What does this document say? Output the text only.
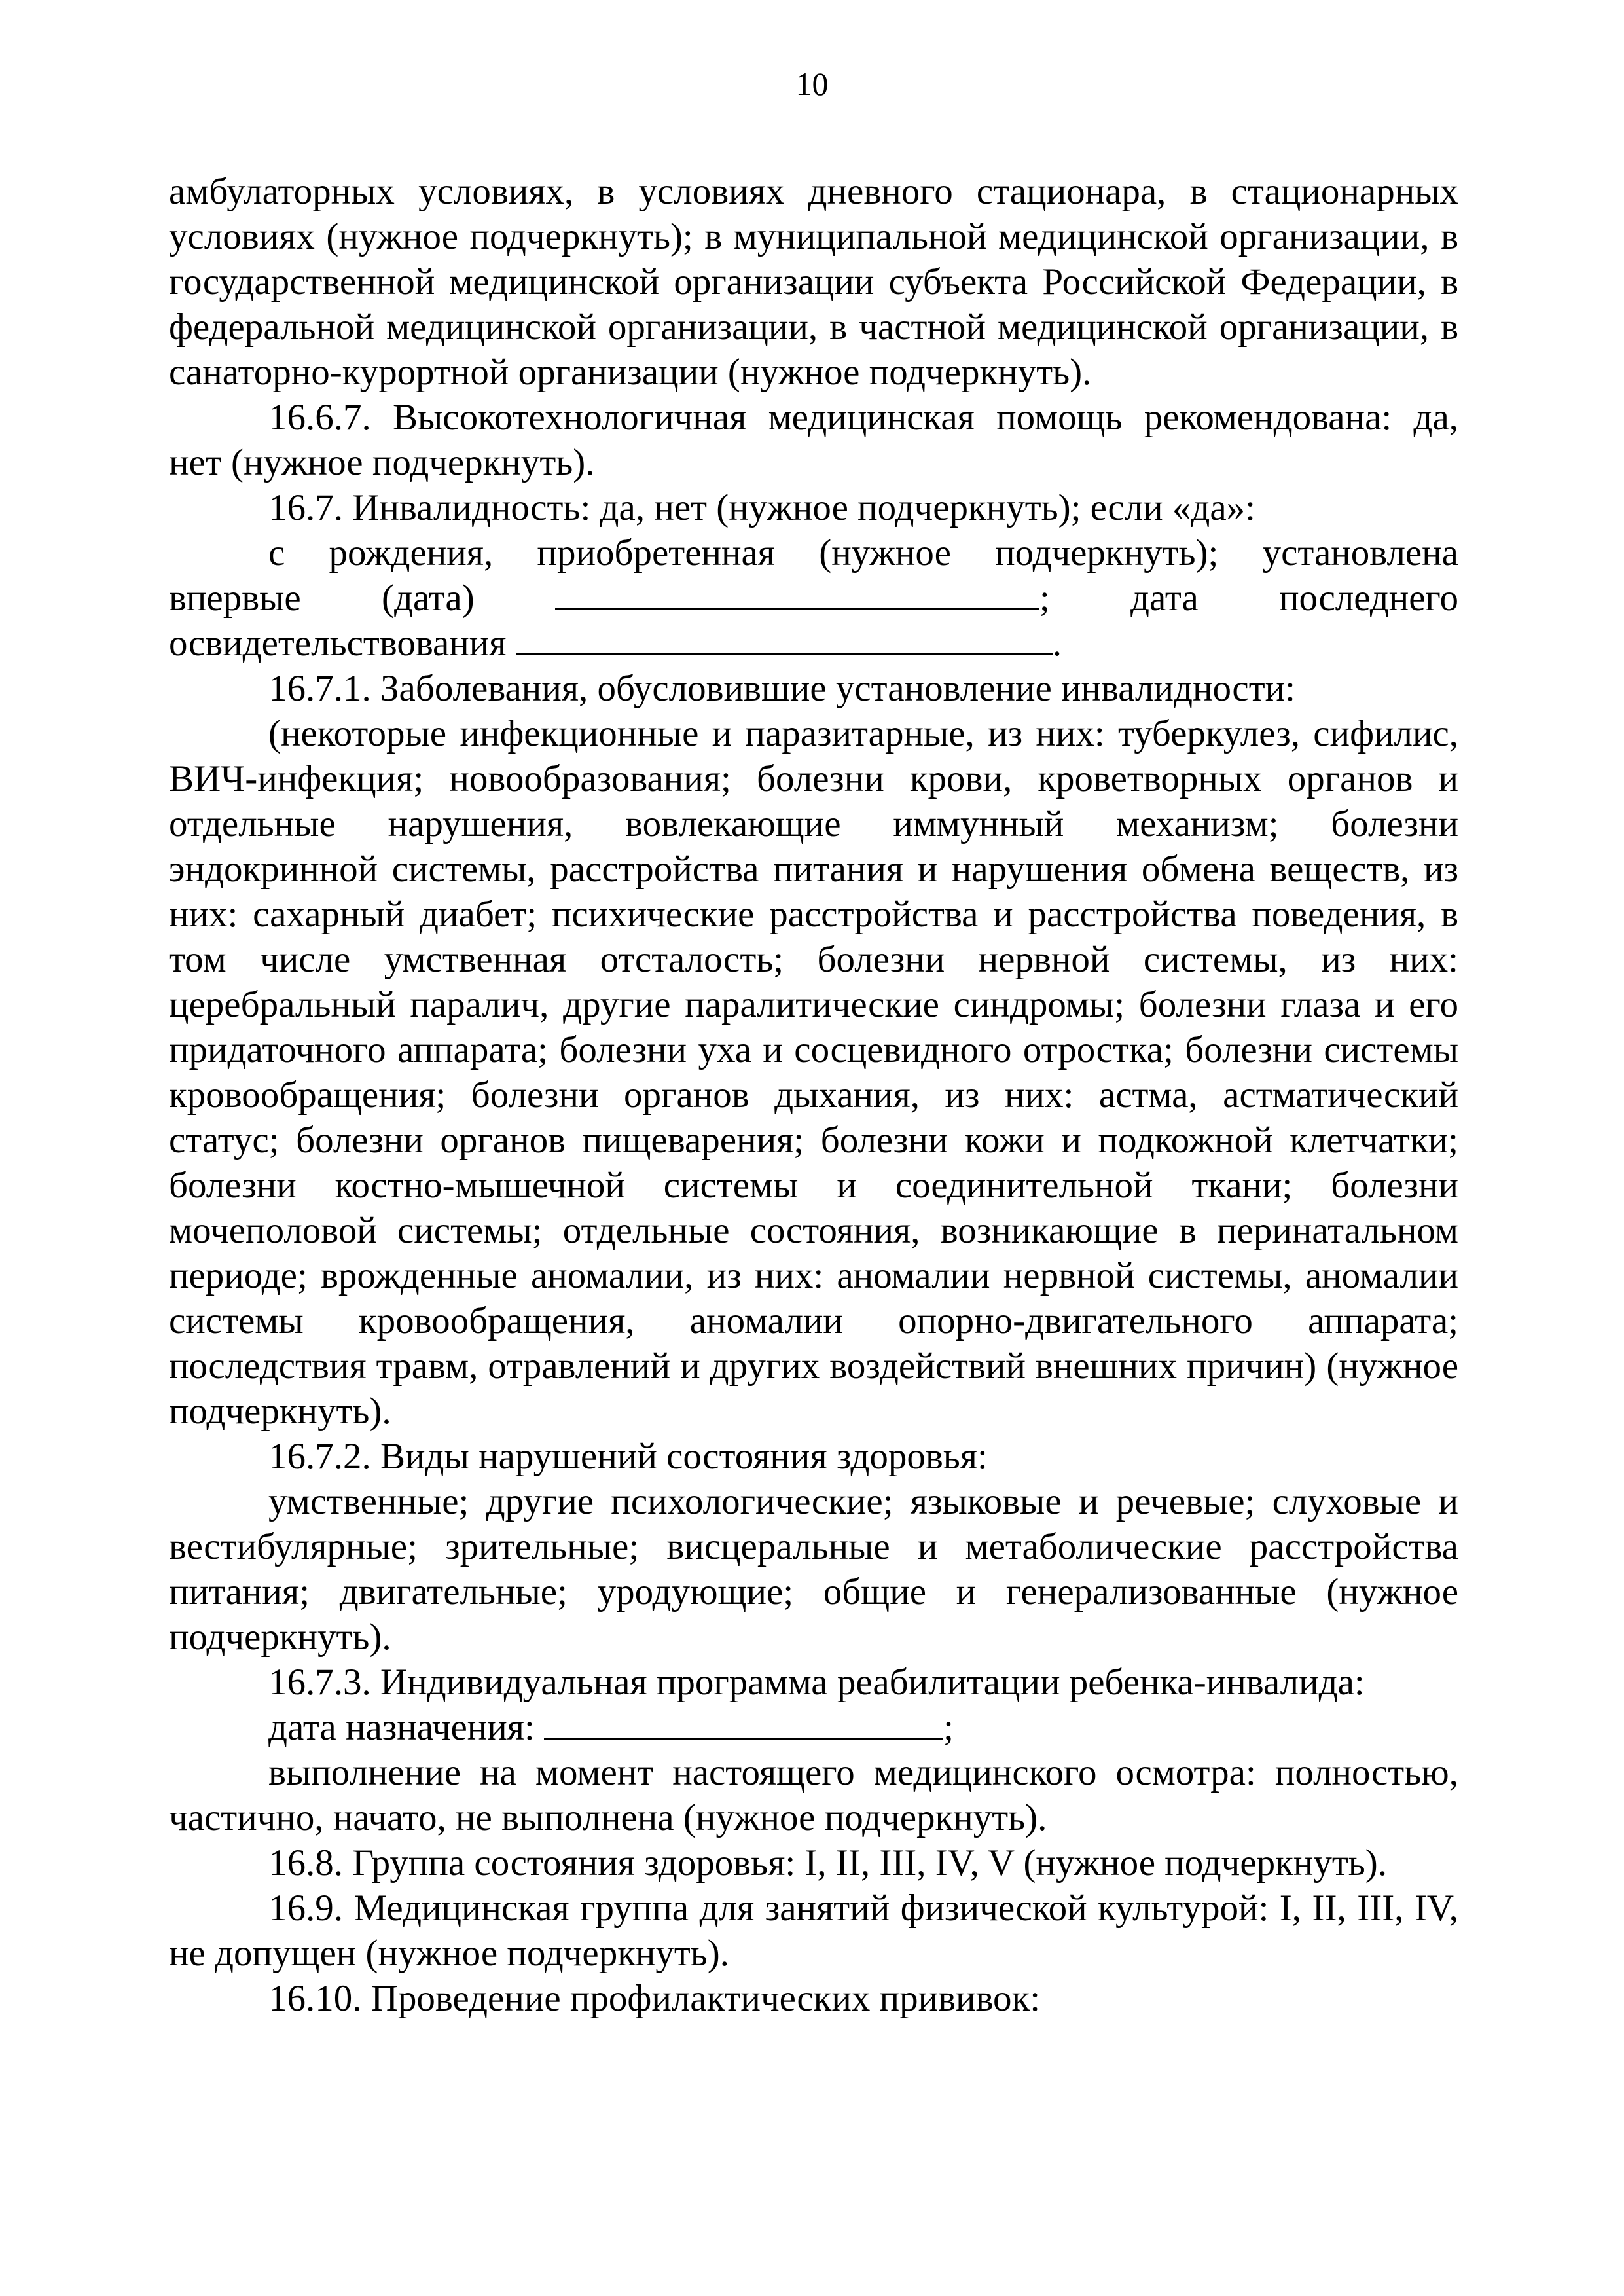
10

амбулаторных условиях, в условиях дневного стационара, в стационарных условиях (нужное подчеркнуть); в муниципальной медицинской организации, в государственной медицинской организации субъекта Российской Федерации, в федеральной медицинской организации, в частной медицинской организации, в санаторно-курортной организации (нужное подчеркнуть).

16.6.7. Высокотехнологичная медицинская помощь рекомендована: да, нет (нужное подчеркнуть).

16.7. Инвалидность: да, нет (нужное подчеркнуть); если «да»:

с рождения, приобретенная (нужное подчеркнуть); установлена
впервые (дата)	; дата последнего
освидетельствования	.

16.7.1. Заболевания, обусловившие установление инвалидности:

(некоторые инфекционные и паразитарные, из них: туберкулез, сифилис, ВИЧ-инфекция; новообразования; болезни крови, кроветворных органов и отдельные нарушения, вовлекающие иммунный механизм; болезни эндокринной системы, расстройства питания и нарушения обмена веществ, из них: сахарный диабет; психические расстройства и расстройства поведения, в том числе умственная отсталость; болезни нервной системы, из них: церебральный паралич, другие паралитические синдромы; болезни глаза и его придаточного аппарата; болезни уха и сосцевидного отростка; болезни системы кровообращения; болезни органов дыхания, из них: астма, астматический статус; болезни органов пищеварения; болезни кожи и подкожной клетчатки; болезни костно-мышечной системы и соединительной ткани; болезни мочеполовой системы; отдельные состояния, возникающие в перинатальном периоде; врожденные аномалии, из них: аномалии нервной системы, аномалии системы кровообращения, аномалии опорно-двигательного аппарата; последствия травм, отравлений и других воздействий внешних причин) (нужное подчеркнуть).

16.7.2. Виды нарушений состояния здоровья:

умственные; другие психологические; языковые и речевые; слуховые и вестибулярные; зрительные; висцеральные и метаболические расстройства питания; двигательные; уродующие; общие и генерализованные (нужное подчеркнуть).

16.7.3. Индивидуальная программа реабилитации ребенка-инвалида:

дата назначения:	;

выполнение на момент настоящего медицинского осмотра: полностью, частично, начато, не выполнена (нужное подчеркнуть).

16.8. Группа состояния здоровья: I, II, III, IV, V (нужное подчеркнуть).

16.9. Медицинская группа для занятий физической культурой: I, II, III, IV, не допущен (нужное подчеркнуть).

16.10. Проведение профилактических прививок:
